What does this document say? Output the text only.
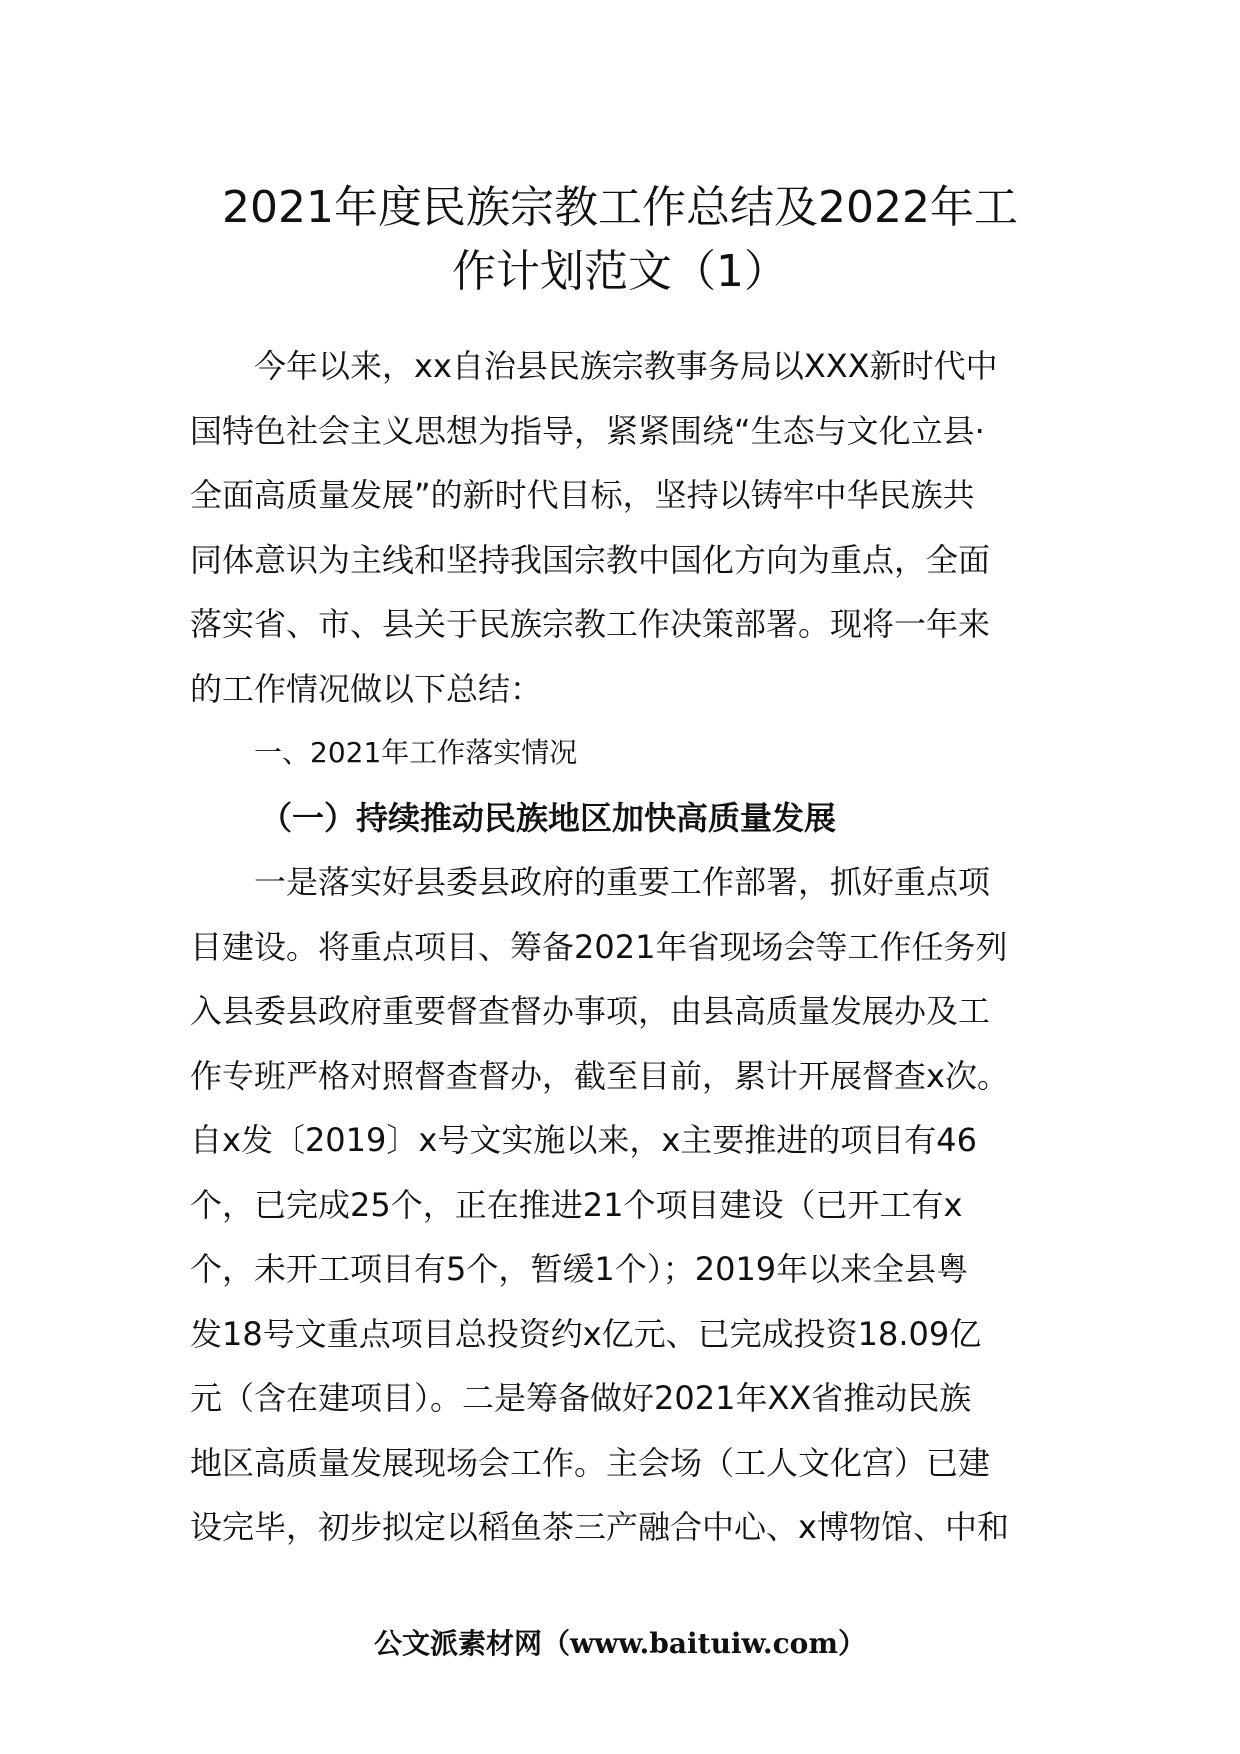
2021年度民族宗教工作总结及2022年工
作计划范文（1）
今年以来，xx自治县民族宗教事务局以XXX新时代中
国特色社会主义思想为指导，紧紧围绕“生态与文化立县·
全面高质量发展”的新时代目标，坚持以铸牢中华民族共
同体意识为主线和坚持我国宗教中国化方向为重点，全面
落实省、市、县关于民族宗教工作决策部署。现将一年来
的工作情况做以下总结：
一、2021年工作落实情况
（一）持续推动民族地区加快高质量发展
一是落实好县委县政府的重要工作部署，抓好重点项
目建设。将重点项目、筹备2021年省现场会等工作任务列
入县委县政府重要督查督办事项，由县高质量发展办及工
作专班严格对照督查督办，截至目前，累计开展督查x次。
自x发〔2019〕x号文实施以来，x主要推进的项目有46
个，已完成25个，正在推进21个项目建设（已开工有x
个，未开工项目有5个，暂缓1个）；2019年以来全县粤
发18号文重点项目总投资约x亿元、已完成投资18.09亿
元（含在建项目）。二是筹备做好2021年XX省推动民族
地区高质量发展现场会工作。主会场（工人文化宫）已建
设完毕，初步拟定以稻鱼茶三产融合中心、x博物馆、中和
公文派素材网（www.baituiw.com）
